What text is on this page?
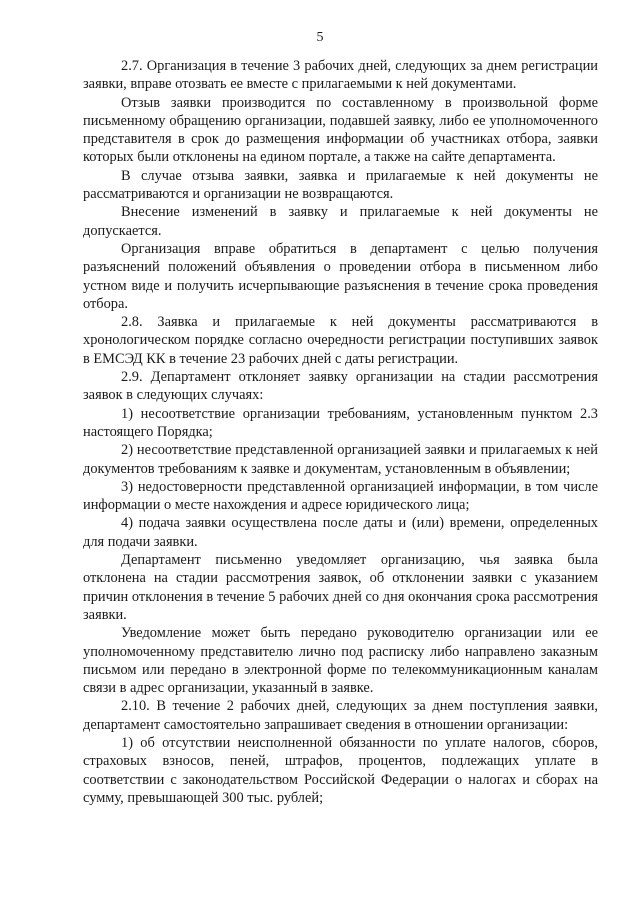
5

2.7. Организация в течение 3 рабочих дней, следующих за днем регистрации заявки, вправе отозвать ее вместе с прилагаемыми к ней документами.

Отзыв заявки производится по составленному в произвольной форме письменному обращению организации, подавшей заявку, либо ее уполномоченного представителя в срок до размещения информации об участниках отбора, заявки которых были отклонены на едином портале, а также на сайте департамента.

В случае отзыва заявки, заявка и прилагаемые к ней документы не рассматриваются и организации не возвращаются.

Внесение изменений в заявку и прилагаемые к ней документы не допускается.

Организация вправе обратиться в департамент с целью получения разъяснений положений объявления о проведении отбора в письменном либо устном виде и получить исчерпывающие разъяснения в течение срока проведения отбора.

2.8. Заявка и прилагаемые к ней документы рассматриваются в хронологическом порядке согласно очередности регистрации поступивших заявок в ЕМСЭД КК в течение 23 рабочих дней с даты регистрации.

2.9. Департамент отклоняет заявку организации на стадии рассмотрения заявок в следующих случаях:

1) несоответствие организации требованиям, установленным пунктом 2.3 настоящего Порядка;

2) несоответствие представленной организацией заявки и прилагаемых к ней документов требованиям к заявке и документам, установленным в объявлении;

3) недостоверности представленной организацией информации, в том числе информации о месте нахождения и адресе юридического лица;

4) подача заявки осуществлена после даты и (или) времени, определенных для подачи заявки.

Департамент письменно уведомляет организацию, чья заявка была отклонена на стадии рассмотрения заявок, об отклонении заявки с указанием причин отклонения в течение 5 рабочих дней со дня окончания срока рассмотрения заявки.

Уведомление может быть передано руководителю организации или ее уполномоченному представителю лично под расписку либо направлено заказным письмом или передано в электронной форме по телекоммуникационным каналам связи в адрес организации, указанный в заявке.

2.10. В течение 2 рабочих дней, следующих за днем поступления заявки, департамент самостоятельно запрашивает сведения в отношении организации:

1) об отсутствии неисполненной обязанности по уплате налогов, сборов, страховых взносов, пеней, штрафов, процентов, подлежащих уплате в соответствии с законодательством Российской Федерации о налогах и сборах на сумму, превышающей 300 тыс. рублей;
